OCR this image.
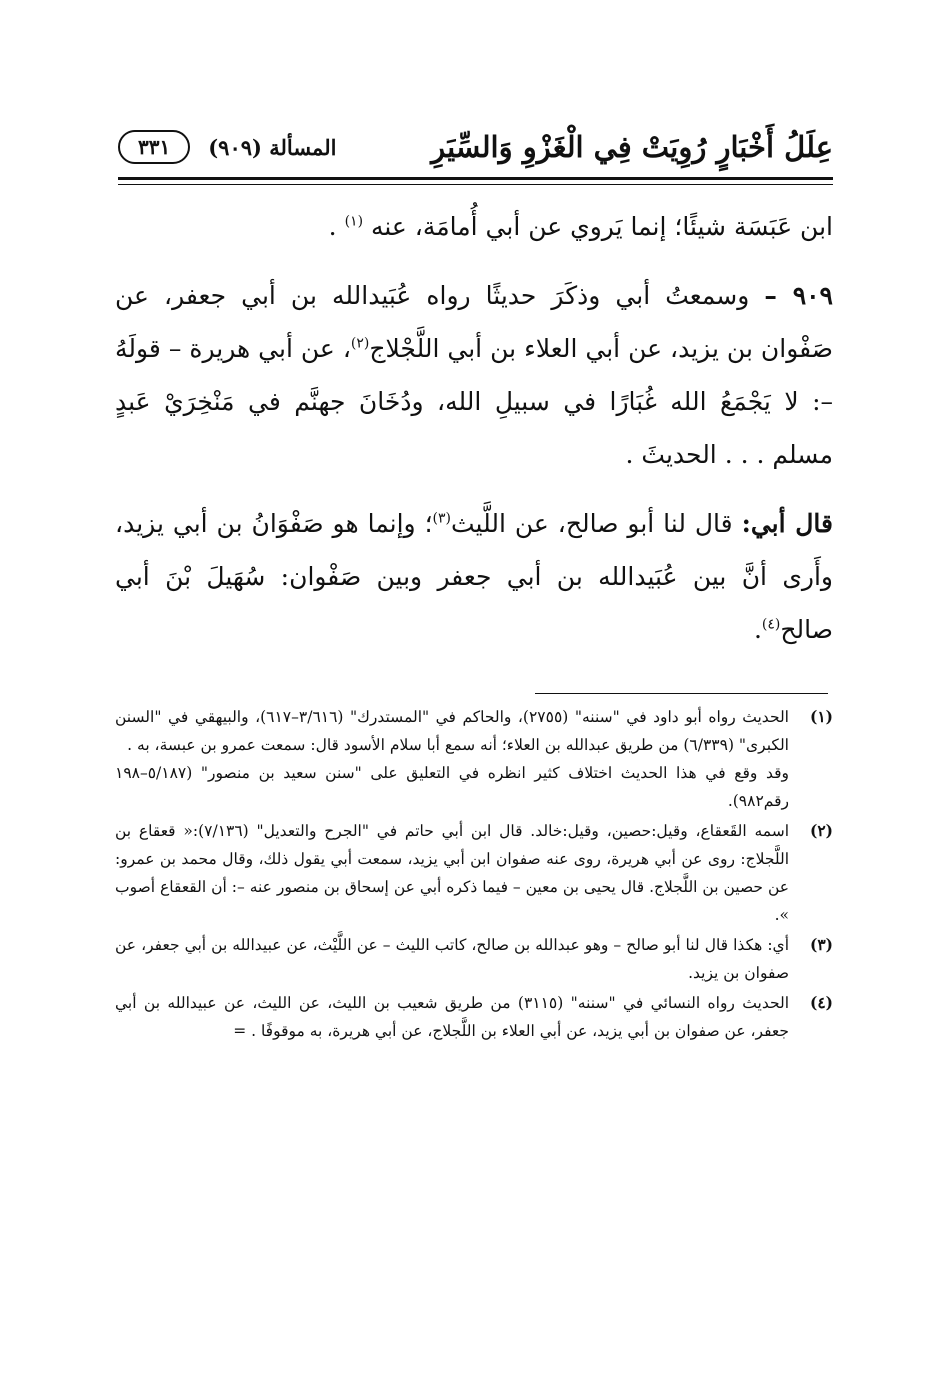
عِلَلُ أَخْبَارٍ رُوِيَتْ فِي الْغَزْوِ وَالسِّيَرِ
المسألة (٩٠٩)
٣٣١

ابن عَبَسَة شيئًا؛ إنما يَروي عن أبي أُمامَة، عنه $^{(١)}$ .

٩٠٩ – وسمعتُ أبي وذكَرَ حديثًا رواه عُبَيدالله بن أبي جعفر، عن صَفْوان بن يزيد، عن أبي العلاء بن أبي اللَّجْلاج$^{(٢)}$، عن أبي هريرة – قولَهُ –: لا يَجْمَعُ الله غُبَارًا في سبيلِ الله، ودُخَانَ جهنَّم في مَنْخِرَيْ عَبدٍ مسلم . . . الحديثَ .

قال أبي: قال لنا أبو صالح، عن اللَّيث$^{(٣)}$؛ وإنما هو صَفْوَانُ بن أبي يزيد، وأَرى أنَّ بين عُبَيدالله بن أبي جعفر وبين صَفْوان: سُهَيلَ بْنَ أبي صالح$^{(٤)}$.

(١)

الحديث رواه أبو داود في "سننه" (٢٧٥٥)، والحاكم في "المستدرك" (٣/٦١٦–٦١٧)، والبيهقي في "السنن الكبرى" (٦/٣٣٩) من طريق عبدالله بن العلاء؛ أنه سمع أبا سلام الأسود قال: سمعت عمرو بن عبسة، به .

وقد وقع في هذا الحديث اختلاف كثير انظره في التعليق على "سنن سعيد بن منصور" (٥/١٨٧–١٩٨ رقم٩٨٢).

(٢)

اسمه القَعقاع، وقيل:حصين، وقيل:خالد. قال ابن أبي حاتم في "الجرح والتعديل" (٧/١٣٦):« قعقاع بن اللَّجلاج: روى عن أبي هريرة، روى عنه صفوان ابن أبي يزيد، سمعت أبي يقول ذلك، وقال محمد بن عمرو: عن حصين بن اللَّجلاج. قال يحيى بن معين – فيما ذكره أبي عن إسحاق بن منصور عنه –: أن القعقاع أصوب ».

(٣)

أي: هكذا قال لنا أبو صالح – وهو عبدالله بن صالح، كاتب الليث – عن اللَّيْث، عن عبيدالله بن أبي جعفر، عن صفوان بن يزيد.

(٤)

الحديث رواه النسائي في "سننه" (٣١١٥) من طريق شعيب بن الليث، عن الليث، عن عبيدالله بن أبي جعفر، عن صفوان بن أبي يزيد، عن أبي العلاء بن اللَّجلاج، عن أبي هريرة، به موقوفًا . =
